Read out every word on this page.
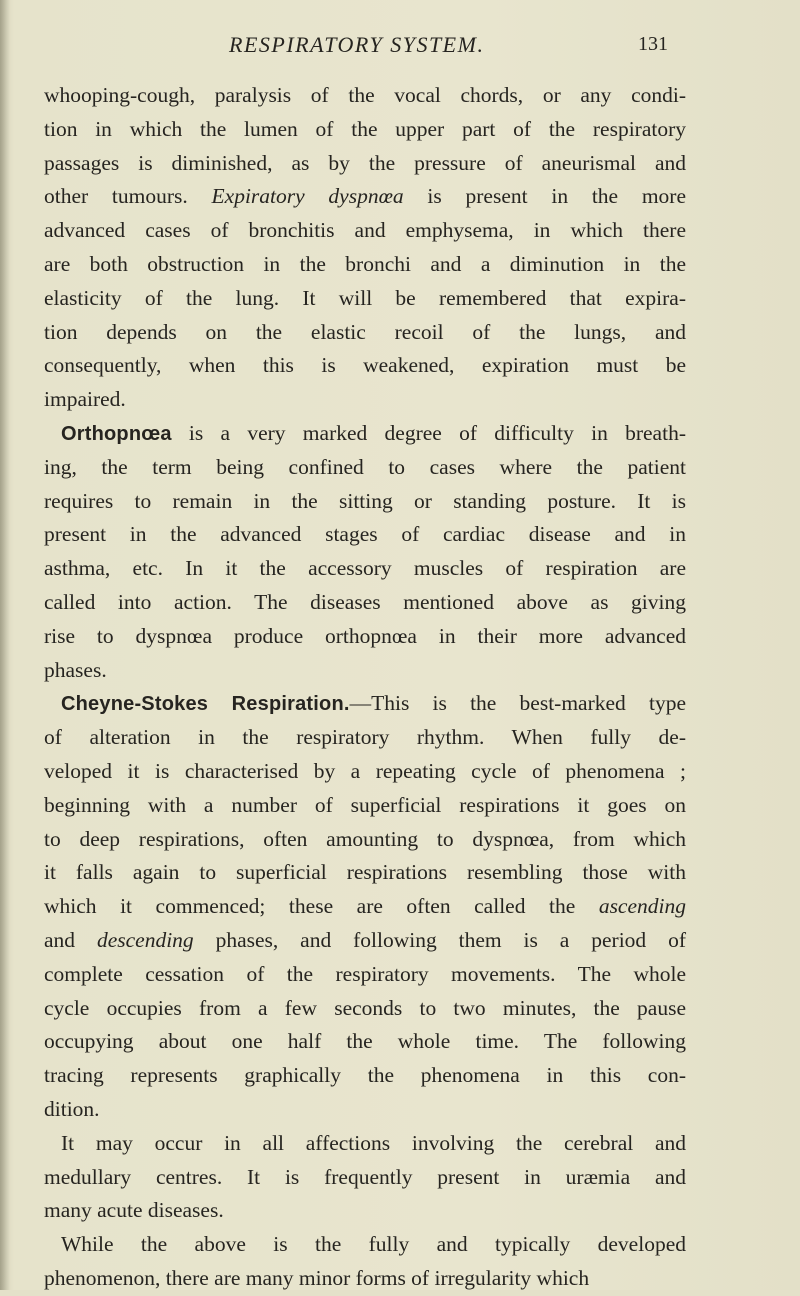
RESPIRATORY SYSTEM.	131
whooping-cough, paralysis of the vocal chords, or any condi-
tion in which the lumen of the upper part of the respiratory
passages is diminished, as by the pressure of aneurismal and
other tumours. Expiratory dyspnœa is present in the more
advanced cases of bronchitis and emphysema, in which there
are both obstruction in the bronchi and a diminution in the
elasticity of the lung. It will be remembered that expira-
tion depends on the elastic recoil of the lungs, and
consequently, when this is weakened, expiration must be
impaired.
Orthopnœa is a very marked degree of difficulty in breath-
ing, the term being confined to cases where the patient
requires to remain in the sitting or standing posture. It is
present in the advanced stages of cardiac disease and in
asthma, etc. In it the accessory muscles of respiration are
called into action. The diseases mentioned above as giving
rise to dyspnœa produce orthopnœa in their more advanced
phases.
Cheyne-Stokes Respiration.—This is the best-marked type
of alteration in the respiratory rhythm. When fully de-
veloped it is characterised by a repeating cycle of phenomena ;
beginning with a number of superficial respirations it goes on
to deep respirations, often amounting to dyspnœa, from which
it falls again to superficial respirations resembling those with
which it commenced; these are often called the ascending
and descending phases, and following them is a period of
complete cessation of the respiratory movements. The whole
cycle occupies from a few seconds to two minutes, the pause
occupying about one half the whole time. The following
tracing represents graphically the phenomena in this con-
dition.
It may occur in all affections involving the cerebral and
medullary centres. It is frequently present in uræmia and
many acute diseases.
While the above is the fully and typically developed
phenomenon, there are many minor forms of irregularity which
